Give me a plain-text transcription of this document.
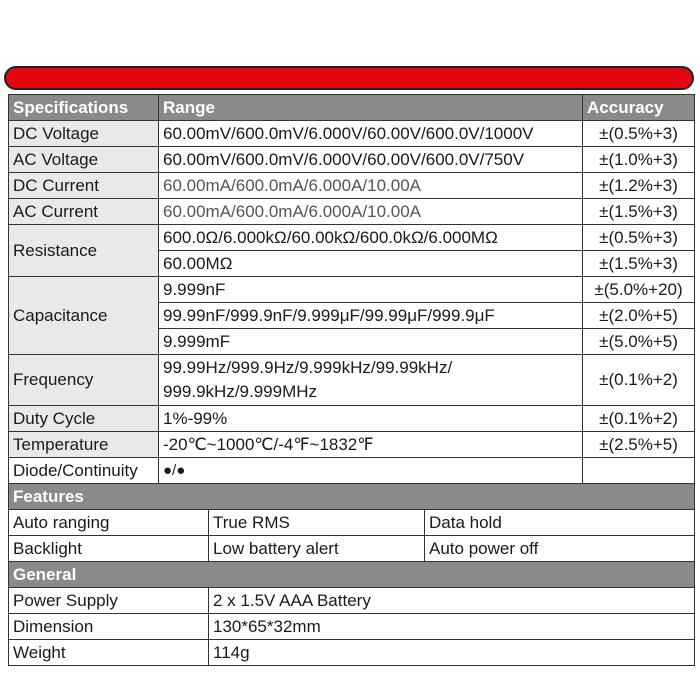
Specifications	Range			Accuracy
DC Voltage	60.00mV/600.0mV/6.000V/60.00V/600.0V/1000V			±(0.5%+3)
AC Voltage	60.00mV/600.0mV/6.000V/60.00V/600.0V/750V			±(1.0%+3)
DC Current	60.00mA/600.0mA/6.000A/10.00A			±(1.2%+3)
AC Current	60.00mA/600.0mA/6.000A/10.00A			±(1.5%+3)
Resistance	600.0Ω/6.000kΩ/60.00kΩ/600.0kΩ/6.000MΩ			±(0.5%+3)
	60.00MΩ			±(1.5%+3)
Capacitance	9.999nF			±(5.0%+20)
	99.99nF/999.9nF/9.999μF/99.99μF/999.9μF			±(2.0%+5)
	9.999mF			±(5.0%+5)
Frequency	99.99Hz/999.9Hz/9.999kHz/99.99kHz/
999.9kHz/9.999MHz			±(0.1%+2)
Duty Cycle	1%-99%			±(0.1%+2)
Temperature	-20℃~1000℃/-4℉~1832℉			±(2.5%+5)
Diode/Continuity	●/●			
Features				
Auto ranging		True RMS	Data hold	
Backlight		Low battery alert	Auto power off	
General				
Power Supply		2 x 1.5V AAA Battery		
Dimension		130*65*32mm		
Weight		114g		
